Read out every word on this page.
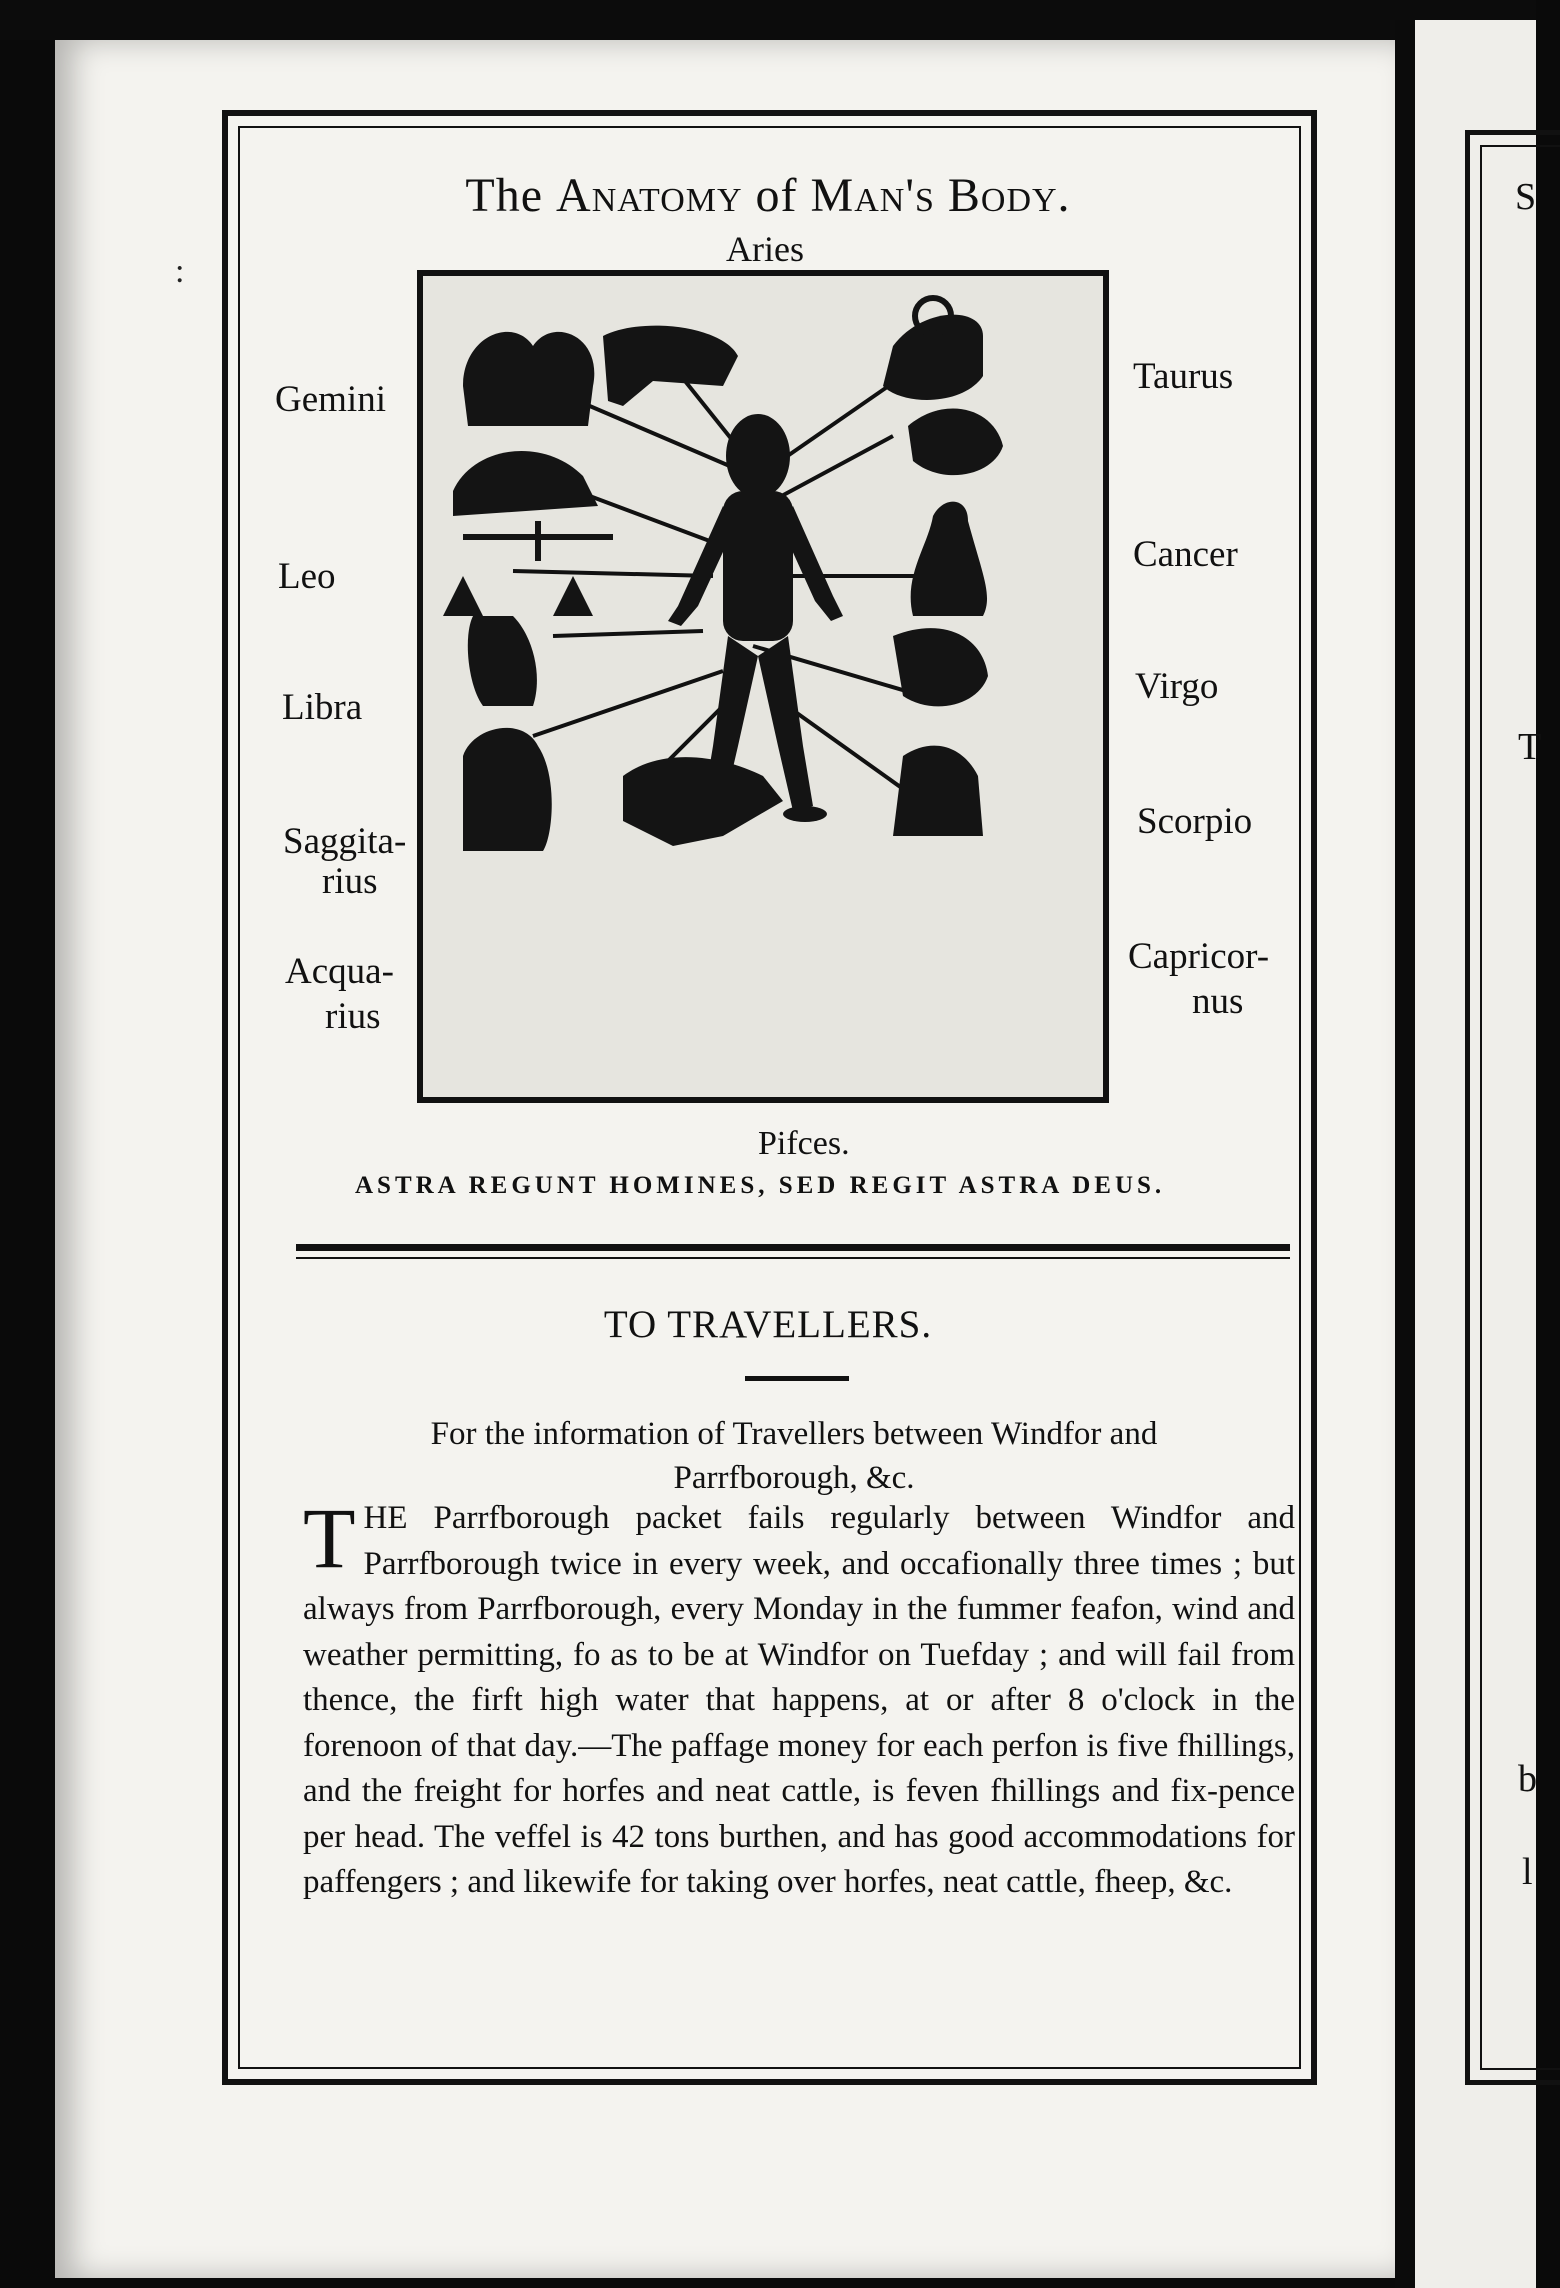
:
S
T
b
l
The Anatomy of Man's Body.
Aries
Gemini
Leo
Libra
Saggita-
rius
Acqua-
rius
Taurus
Cancer
Virgo
Scorpio
Capricor-
nus
Pifces.
ASTRA REGUNT HOMINES, SED REGIT ASTRA DEUS.
TO TRAVELLERS.
For the information of Travellers between Windfor and
Parrfborough, &c.
THE Parrfborough packet fails regularly between Windfor and Parrfborough twice in every week, and occafionally three times ; but always from Parrfborough, every Monday in the fummer feafon, wind and weather permitting, fo as to be at Windfor on Tuefday ; and will fail from thence, the firft high water that happens, at or after 8 o'clock in the forenoon of that day.—The paffage money for each perfon is five fhillings, and the freight for horfes and neat cattle, is feven fhillings and fix-pence per head. The veffel is 42 tons burthen, and has good accommodations for paffengers ; and likewife for taking over horfes, neat cattle, fheep, &c.
